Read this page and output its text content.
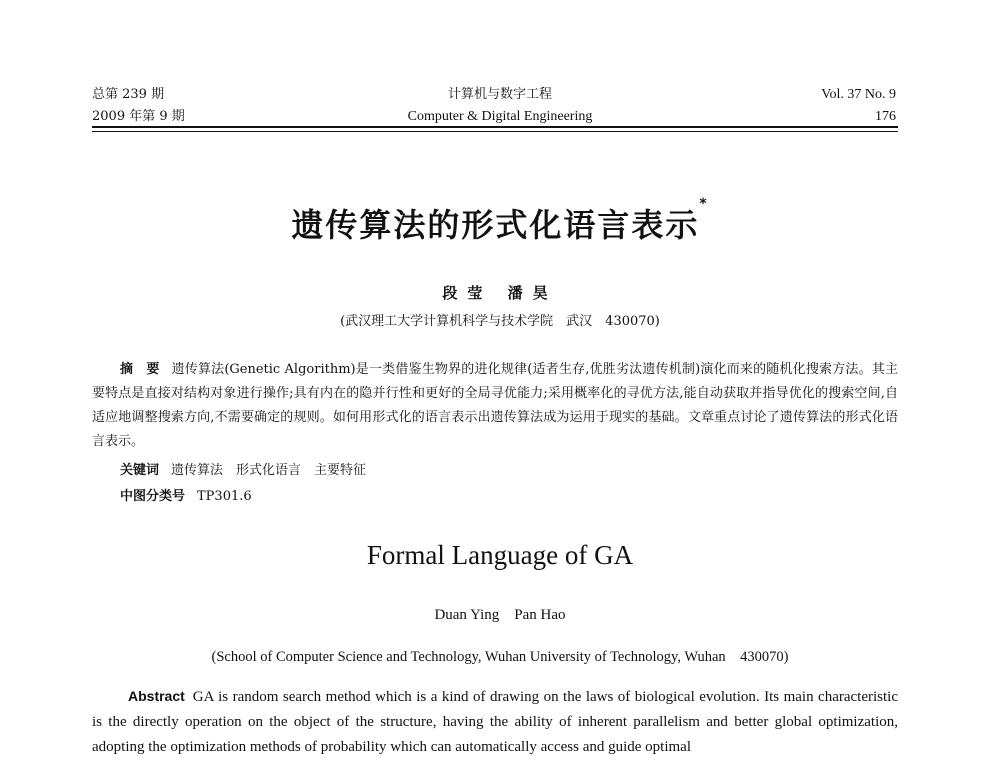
总第 239 期
2009 年第 9 期
计算机与数字工程
Computer & Digital Engineering
Vol. 37 No. 9
176
遗传算法的形式化语言表示*
段莹 潘昊
(武汉理工大学计算机科学与技术学院　武汉　430070)
摘　要 遗传算法(Genetic Algorithm)是一类借鉴生物界的进化规律(适者生存,优胜劣汰遗传机制)演化而来的随机化搜索方法。其主要特点是直接对结构对象进行操作;具有内在的隐并行性和更好的全局寻优能力;采用概率化的寻优方法,能自动获取并指导优化的搜索空间,自适应地调整搜索方向,不需要确定的规则。如何用形式化的语言表示出遗传算法成为运用于现实的基础。文章重点讨论了遗传算法的形式化语言表示。
关键词 遗传算法　形式化语言　主要特征
中图分类号 TP301.6
Formal Language of GA
Duan Ying　Pan Hao
(School of Computer Science and Technology, Wuhan University of Technology, Wuhan　430070)
Abstract GA is random search method which is a kind of drawing on the laws of biological evolution. Its main characteristic is the directly operation on the object of the structure, having the ability of inherent parallelism and better global optimization, adopting the optimization methods of probability which can automatically access and guide optimal
